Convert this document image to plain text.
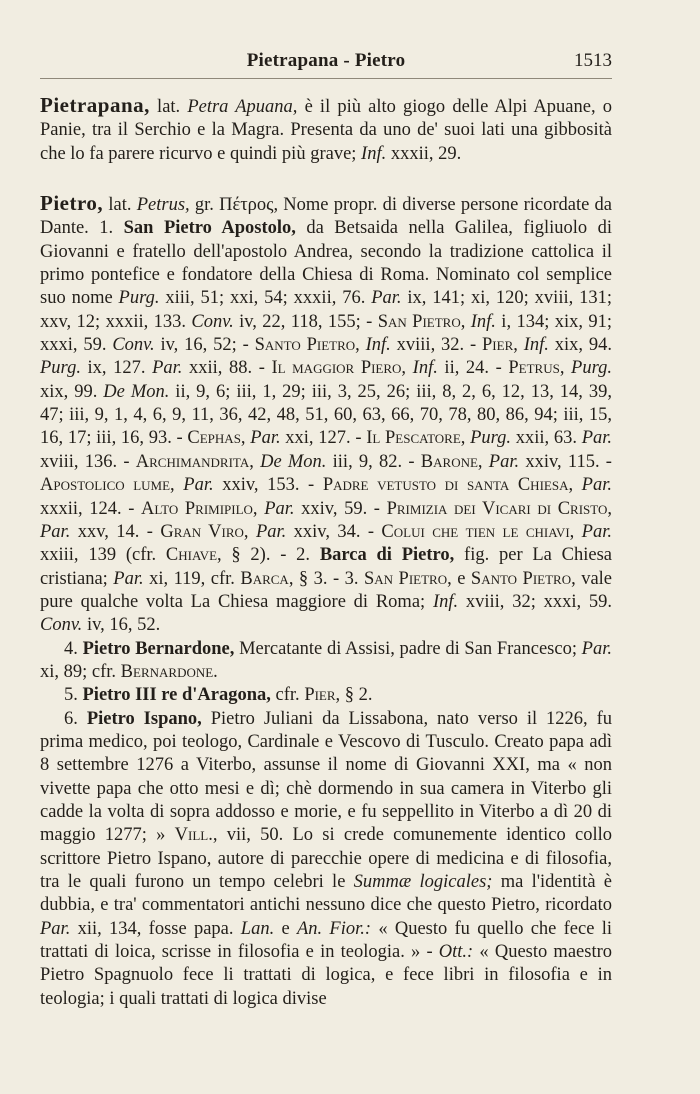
Pietrapana - Pietro	1513

Pietrapana, lat. Petra Apuana, è il più alto giogo delle Alpi Apuane, o Panie, tra il Serchio e la Magra. Presenta da uno de' suoi lati una gibbosità che lo fa parere ricurvo e quindi più grave; Inf. xxxii, 29.

Pietro, lat. Petrus, gr. Πέτρος, Nome propr. di diverse persone ricordate da Dante. 1. San Pietro Apostolo, da Betsaida nella Galilea, figliuolo di Giovanni e fratello dell'apostolo Andrea, secondo la tradizione cattolica il primo pontefice e fondatore della Chiesa di Roma. Nominato col semplice suo nome Purg. xiii, 51; xxi, 54; xxxii, 76. Par. ix, 141; xi, 120; xviii, 131; xxv, 12; xxxii, 133. Conv. iv, 22, 118, 155; - San Pietro, Inf. i, 134; xix, 91; xxxi, 59. Conv. iv, 16, 52; - Santo Pietro, Inf. xviii, 32. - Pier, Inf. xix, 94. Purg. ix, 127. Par. xxii, 88. - Il maggior Piero, Inf. ii, 24. - Petrus, Purg. xix, 99. De Mon. ii, 9, 6; iii, 1, 29; iii, 3, 25, 26; iii, 8, 2, 6, 12, 13, 14, 39, 47; iii, 9, 1, 4, 6, 9, 11, 36, 42, 48, 51, 60, 63, 66, 70, 78, 80, 86, 94; iii, 15, 16, 17; iii, 16, 93. - Cephas, Par. xxi, 127. - Il Pescatore, Purg. xxii, 63. Par. xviii, 136. - Archimandrita, De Mon. iii, 9, 82. - Barone, Par. xxiv, 115. - Apostolico lume, Par. xxiv, 153. - Padre vetusto di santa Chiesa, Par. xxxii, 124. - Alto Primipilo, Par. xxiv, 59. - Primizia dei Vicari di Cristo, Par. xxv, 14. - Gran Viro, Par. xxiv, 34. - Colui che tien le chiavi, Par. xxiii, 139 (cfr. Chiave, § 2). - 2. Barca di Pietro, fig. per La Chiesa cristiana; Par. xi, 119, cfr. Barca, § 3. - 3. San Pietro, e Santo Pietro, vale pure qualche volta La Chiesa maggiore di Roma; Inf. xviii, 32; xxxi, 59. Conv. iv, 16, 52.

4. Pietro Bernardone, Mercatante di Assisi, padre di San Francesco; Par. xi, 89; cfr. Bernardone.

5. Pietro III re d'Aragona, cfr. Pier, § 2.

6. Pietro Ispano, Pietro Juliani da Lissabona, nato verso il 1226, fu prima medico, poi teologo, Cardinale e Vescovo di Tusculo. Creato papa adì 8 settembre 1276 a Viterbo, assunse il nome di Giovanni XXI, ma « non vivette papa che otto mesi e dì; chè dormendo in sua camera in Viterbo gli cadde la volta di sopra addosso e morie, e fu seppellito in Viterbo a dì 20 di maggio 1277; » Vill., vii, 50. Lo si crede comunemente identico collo scrittore Pietro Ispano, autore di parecchie opere di medicina e di filosofia, tra le quali furono un tempo celebri le Summæ logicales; ma l'identità è dubbia, e tra' commentatori antichi nessuno dice che questo Pietro, ricordato Par. xii, 134, fosse papa. Lan. e An. Fior.: « Questo fu quello che fece li trattati di loica, scrisse in filosofia e in teologia. » - Ott.: « Questo maestro Pietro Spagnuolo fece li trattati di logica, e fece libri in filosofia e in teologia; i quali trattati di logica divise
